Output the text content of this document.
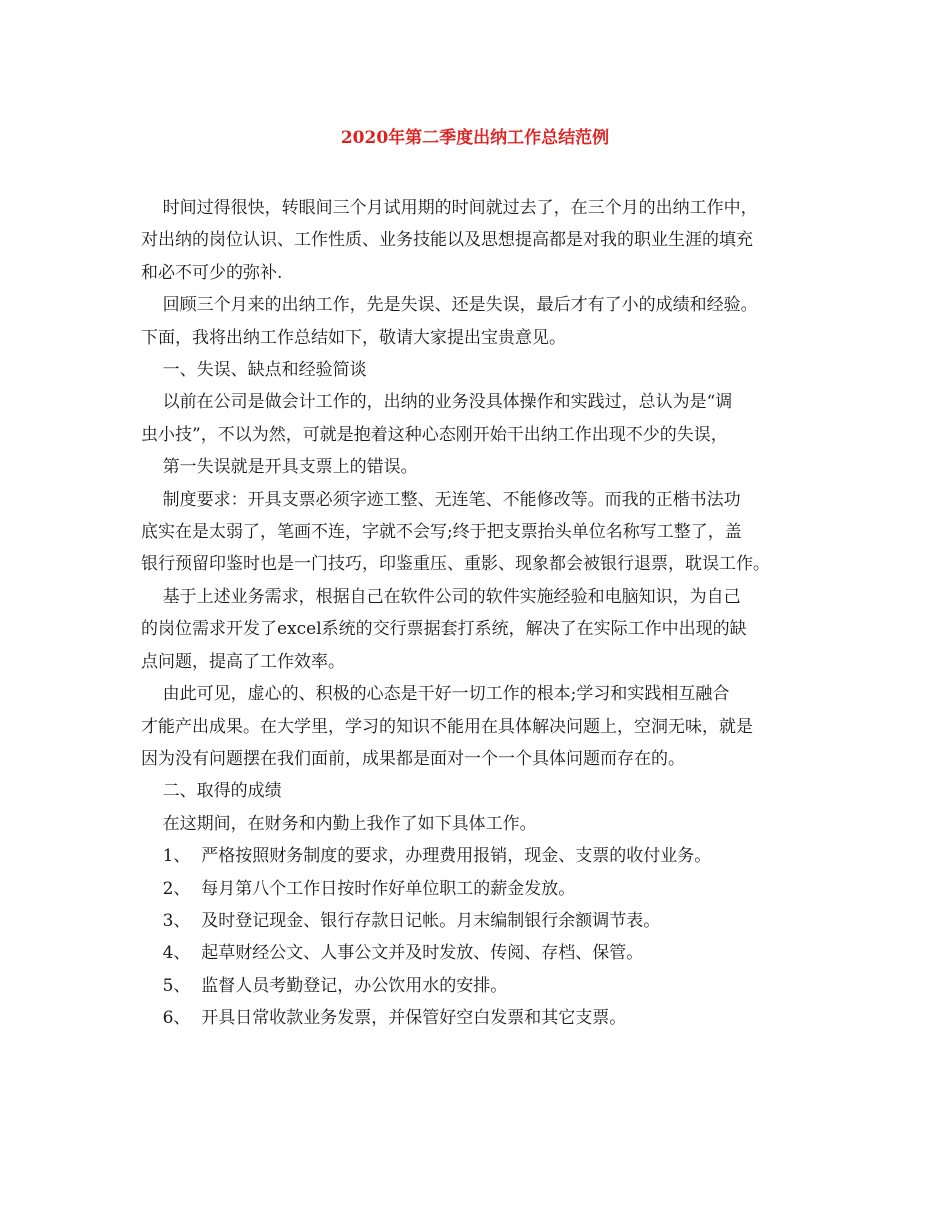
2020年第二季度出纳工作总结范例

时间过得很快，转眼间三个月试用期的时间就过去了，在三个月的出纳工作中，

对出纳的岗位认识、工作性质、业务技能以及思想提高都是对我的职业生涯的填充

和必不可少的弥补.

回顾三个月来的出纳工作，先是失误、还是失误，最后才有了小的成绩和经验。

下面，我将出纳工作总结如下，敬请大家提出宝贵意见。

一、失误、缺点和经验简谈

以前在公司是做会计工作的，出纳的业务没具体操作和实践过，总认为是“调

虫小技”，不以为然，可就是抱着这种心态刚开始干出纳工作出现不少的失误，

第一失误就是开具支票上的错误。

制度要求：开具支票必须字迹工整、无连笔、不能修改等。而我的正楷书法功

底实在是太弱了，笔画不连，字就不会写;终于把支票抬头单位名称写工整了，盖

银行预留印鉴时也是一门技巧，印鉴重压、重影、现象都会被银行退票，耽误工作。

基于上述业务需求，根据自己在软件公司的软件实施经验和电脑知识，为自己

的岗位需求开发了excel系统的交行票据套打系统，解决了在实际工作中出现的缺

点问题，提高了工作效率。

由此可见，虚心的、积极的心态是干好一切工作的根本;学习和实践相互融合

才能产出成果。在大学里，学习的知识不能用在具体解决问题上，空洞无味，就是

因为没有问题摆在我们面前，成果都是面对一个一个具体问题而存在的。

二、取得的成绩

在这期间，在财务和内勤上我作了如下具体工作。

1、  严格按照财务制度的要求，办理费用报销，现金、支票的收付业务。

2、  每月第八个工作日按时作好单位职工的薪金发放。

3、  及时登记现金、银行存款日记帐。月末编制银行余额调节表。

4、  起草财经公文、人事公文并及时发放、传阅、存档、保管。

5、  监督人员考勤登记，办公饮用水的安排。

6、  开具日常收款业务发票，并保管好空白发票和其它支票。
